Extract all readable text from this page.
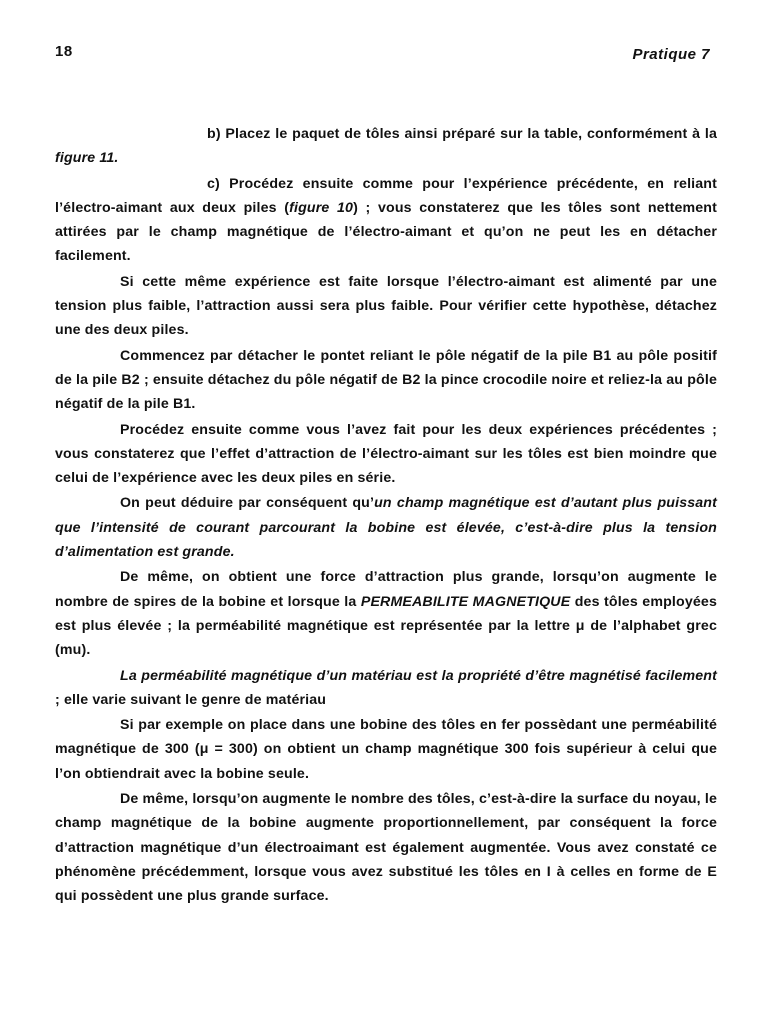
18	Pratique 7

b) Placez le paquet de tôles ainsi préparé sur la table, conformément à la figure 11.

c) Procédez ensuite comme pour l’expérience précédente, en reliant l’électro-aimant aux deux piles (figure 10) ; vous constaterez que les tôles sont nettement attirées par le champ magnétique de l’électro-aimant et qu’on ne peut les en détacher facilement.

Si cette même expérience est faite lorsque l’électro-aimant est alimenté par une tension plus faible, l’attraction aussi sera plus faible. Pour vérifier cette hypothèse, détachez une des deux piles.

Commencez par détacher le pontet reliant le pôle négatif de la pile B1 au pôle positif de la pile B2 ; ensuite détachez du pôle négatif de B2 la pince crocodile noire et reliez-la au pôle négatif de la pile B1.

Procédez ensuite comme vous l’avez fait pour les deux expériences précédentes ; vous constaterez que l’effet d’attraction de l’électro-aimant sur les tôles est bien moindre que celui de l’expérience avec les deux piles en série.

On peut déduire par conséquent qu’un champ magnétique est d’autant plus puissant que l’intensité de courant parcourant la bobine est élevée, c’est-à-dire plus la tension d’alimentation est grande.

De même, on obtient une force d’attraction plus grande, lorsqu’on augmente le nombre de spires de la bobine et lorsque la PERMEABILITE MAGNETIQUE des tôles employées est plus élevée ; la perméabilité magnétique est représentée par la lettre μ de l’alphabet grec (mu).

La perméabilité magnétique d’un matériau est la propriété d’être magnétisé facilement ; elle varie suivant le genre de matériau

Si par exemple on place dans une bobine des tôles en fer possèdant une perméabilité magnétique de 300 (μ = 300) on obtient un champ magnétique 300 fois supérieur à celui que l’on obtiendrait avec la bobine seule.

De même, lorsqu’on augmente le nombre des tôles, c’est-à-dire la surface du noyau, le champ magnétique de la bobine augmente proportionnellement, par conséquent la force d’attraction magnétique d’un électroaimant est également augmentée. Vous avez constaté ce phénomène précédemment, lorsque vous avez substitué les tôles en I à celles en forme de E qui possèdent une plus grande surface.
